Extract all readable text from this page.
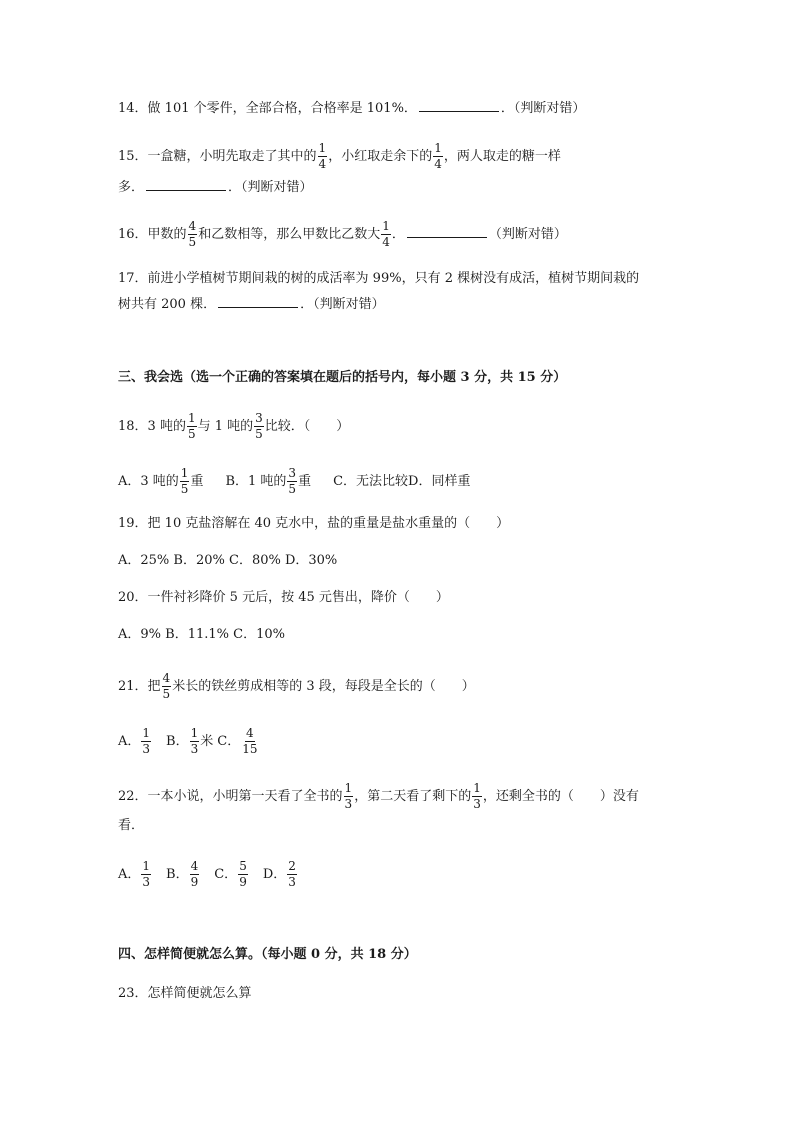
14．做 101 个零件，全部合格，合格率是 101%．	．（判断对错）
15．一盒糖，小明先取走了其中的 $\frac{1}{4}$ ，小红取走余下的 $\frac{1}{4}$ ，两人取走的糖一样
多．	．（判断对错）
16．甲数的 $\frac{4}{5}$ 和乙数相等，那么甲数比乙数大 $\frac{1}{4}$ ．	（判断对错）
17．前进小学植树节期间栽的树的成活率为 99%，只有 2 棵树没有成活，植树节期间栽的
树共有 200 棵．	．（判断对错）
三、我会选（选一个正确的答案填在题后的括号内，每小题 3 分，共 15 分）
18．3 吨的 $\frac{1}{5}$ 与 1 吨的 $\frac{3}{5}$ 比较．（　　）
A．3 吨的 $\frac{1}{5}$ 重 B．1 吨的 $\frac{3}{5}$ 重 C．无法比较D．同样重
19．把 10 克盐溶解在 40 克水中，盐的重量是盐水重量的（　　）
A．25% B．20% C．80% D．30%
20．一件衬衫降价 5 元后，按 45 元售出，降价（　　）
A．9% B．11.1% C．10%
21．把 $\frac{4}{5}$ 米长的铁丝剪成相等的 3 段，每段是全长的（　　）
A． $\frac{1}{3}$ B． $\frac{1}{3}$ 米 C． $\frac{4}{15}$
22．一本小说，小明第一天看了全书的 $\frac{1}{3}$ ，第二天看了剩下的 $\frac{1}{3}$ ，还剩全书的（　　）没有
看．
A． $\frac{1}{3}$ B． $\frac{4}{9}$ C． $\frac{5}{9}$ D． $\frac{2}{3}$
四、怎样简便就怎么算。（每小题 0 分，共 18 分）
23．怎样简便就怎么算
